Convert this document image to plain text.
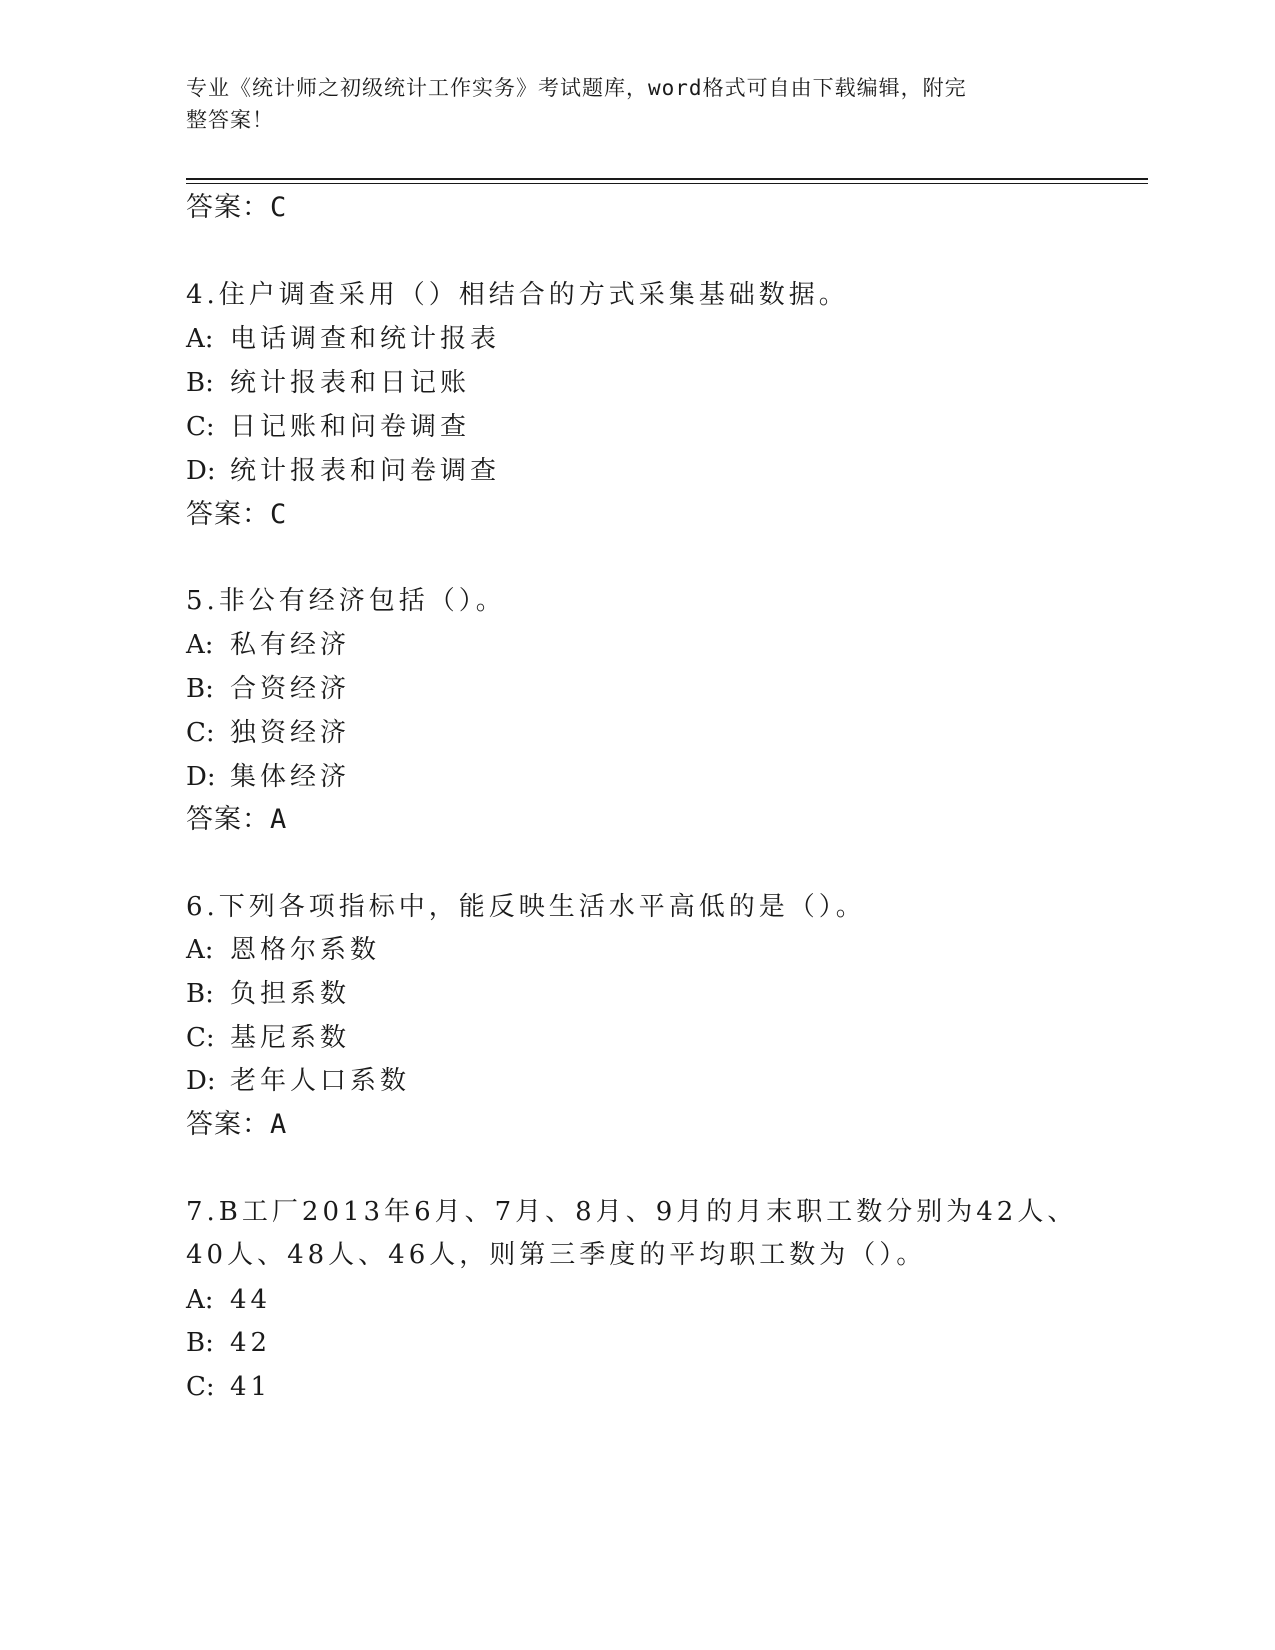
专业《统计师之初级统计工作实务》考试题库，word格式可自由下载编辑，附完
整答案！
答案：C
4.住户调查采用（）相结合的方式采集基础数据。
A: 电话调查和统计报表
B: 统计报表和日记账
C: 日记账和问卷调查
D: 统计报表和问卷调查
答案：C
5.非公有经济包括（）。
A: 私有经济
B: 合资经济
C: 独资经济
D: 集体经济
答案：A
6.下列各项指标中，能反映生活水平高低的是（）。
A: 恩格尔系数
B: 负担系数
C: 基尼系数
D: 老年人口系数
答案：A
7.B工厂2013年6月、7月、8月、9月的月末职工数分别为42人、
40人、48人、46人，则第三季度的平均职工数为（）。
A: 44
B: 42
C: 41
